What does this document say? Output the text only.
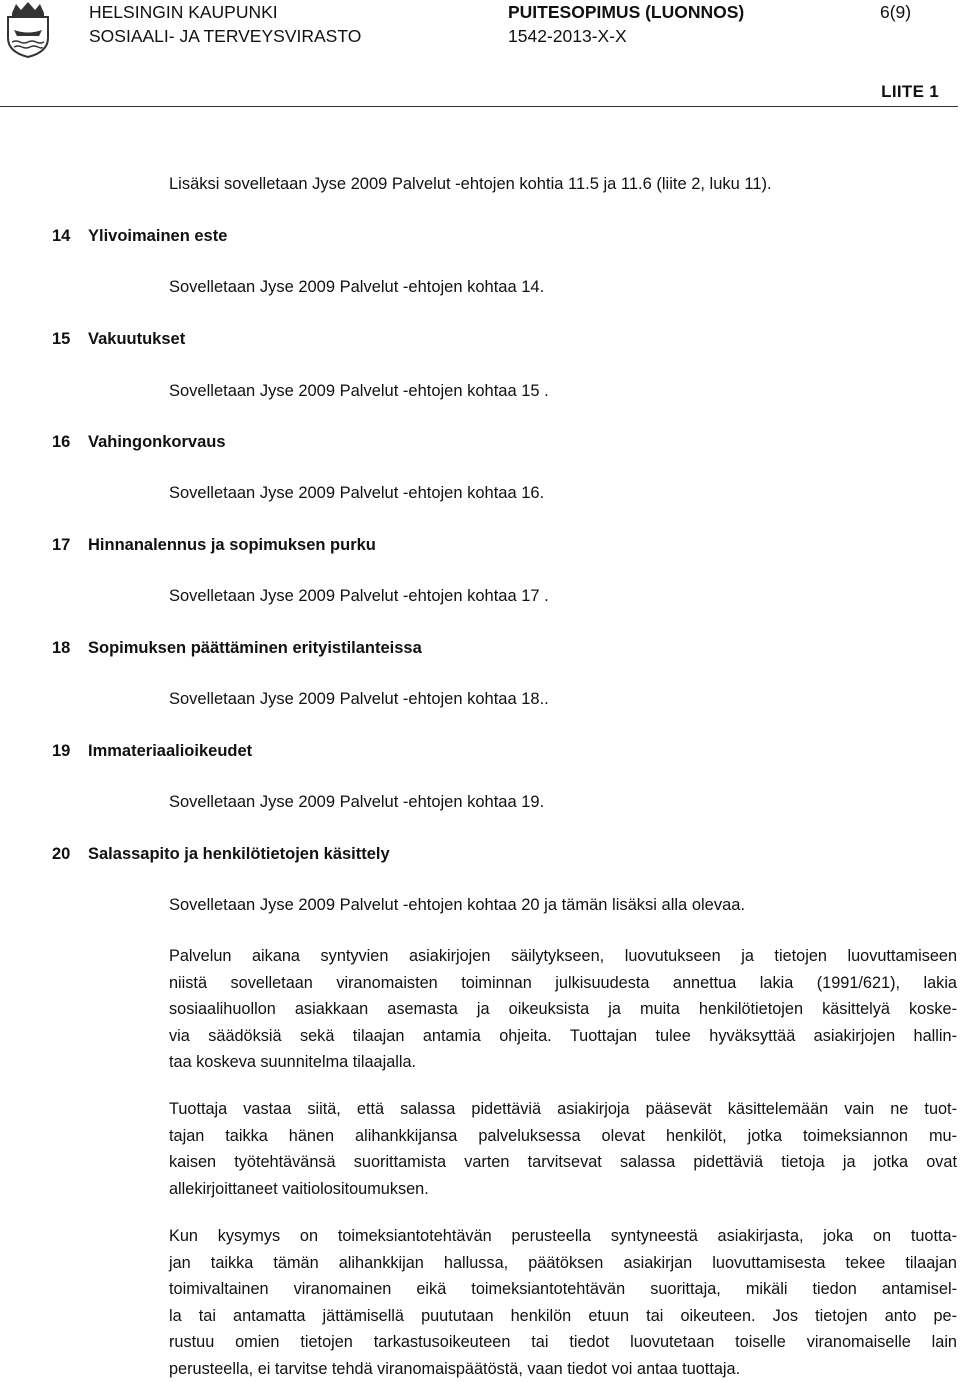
HELSINGIN KAUPUNKI
SOSIAALI- JA TERVEYSVIRASTO
PUITESOPIMUS (LUONNOS)
1542-2013-X-X
6(9)
LIITE 1
Lisäksi sovelletaan Jyse 2009 Palvelut -ehtojen kohtia 11.5 ja 11.6 (liite 2, luku 11).
14 Ylivoimainen este
Sovelletaan Jyse 2009 Palvelut -ehtojen kohtaa 14.
15 Vakuutukset
Sovelletaan Jyse 2009 Palvelut -ehtojen kohtaa 15 .
16 Vahingonkorvaus
Sovelletaan Jyse 2009 Palvelut -ehtojen kohtaa 16.
17 Hinnanalennus ja sopimuksen purku
Sovelletaan Jyse 2009 Palvelut -ehtojen kohtaa 17 .
18 Sopimuksen päättäminen erityistilanteissa
Sovelletaan Jyse 2009 Palvelut -ehtojen kohtaa 18..
19 Immateriaalioikeudet
Sovelletaan Jyse 2009 Palvelut -ehtojen kohtaa 19.
20 Salassapito ja henkilötietojen käsittely
Sovelletaan Jyse 2009 Palvelut -ehtojen kohtaa 20 ja tämän lisäksi alla olevaa.
Palvelun aikana syntyvien asiakirjojen säilytykseen, luovutukseen ja tietojen luovuttamiseen
niistä sovelletaan viranomaisten toiminnan julkisuudesta annettua lakia (1991/621), lakia
sosiaalihuollon asiakkaan asemasta ja oikeuksista ja muita henkilötietojen käsittelyä koske-
via säädöksiä sekä tilaajan antamia ohjeita. Tuottajan tulee hyväksyttää asiakirjojen hallin-
taa koskeva suunnitelma tilaajalla.
Tuottaja vastaa siitä, että salassa pidettäviä asiakirjoja pääsevät käsittelemään vain ne tuot-
tajan taikka hänen alihankkijansa palveluksessa olevat henkilöt, jotka toimeksiannon mu-
kaisen työtehtävänsä suorittamista varten tarvitsevat salassa pidettäviä tietoja ja jotka ovat
allekirjoittaneet vaitiolositoumuksen.
Kun kysymys on toimeksiantotehtävän perusteella syntyneestä asiakirjasta, joka on tuotta-
jan taikka tämän alihankkijan hallussa, päätöksen asiakirjan luovuttamisesta tekee tilaajan
toimivaltainen viranomainen eikä toimeksiantotehtävän suorittaja, mikäli tiedon antamisel-
la tai antamatta jättämisellä puututaan henkilön etuun tai oikeuteen. Jos tietojen anto pe-
rustuu omien tietojen tarkastusoikeuteen tai tiedot luovutetaan toiselle viranomaiselle lain
perusteella, ei tarvitse tehdä viranomaispäätöstä, vaan tiedot voi antaa tuottaja.
